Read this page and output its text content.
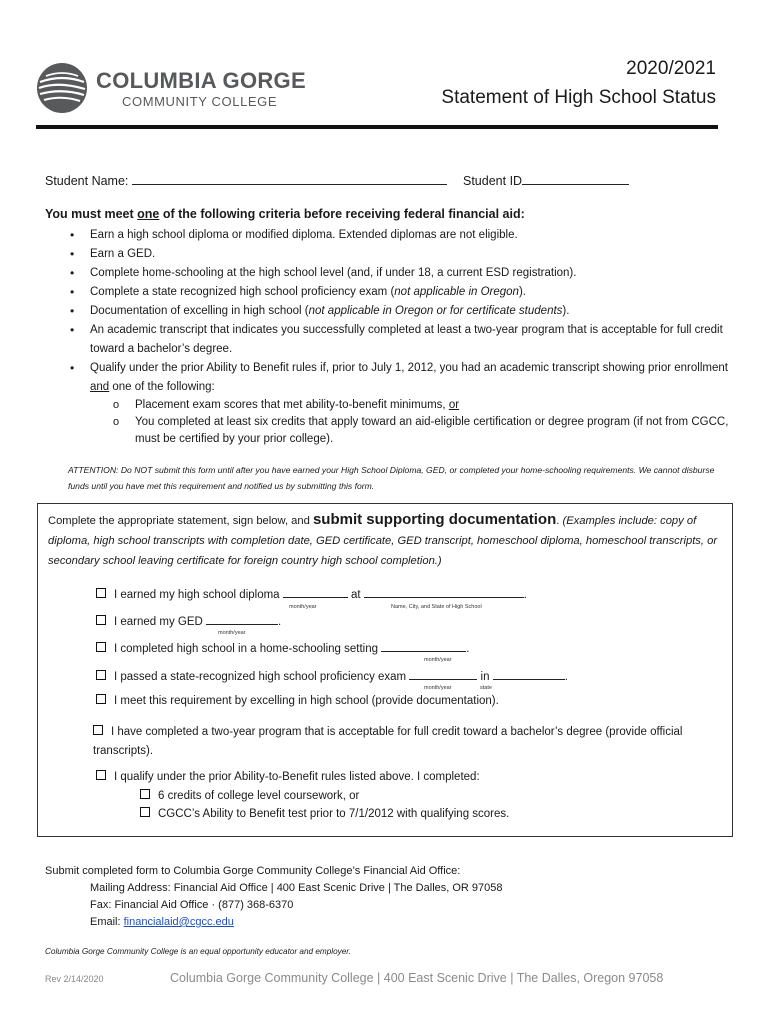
COLUMBIA GORGE
COMMUNITY COLLEGE
2020/2021
Statement of High School Status
Student Name:	Student ID
You must meet one of the following criteria before receiving federal financial aid:
• Earn a high school diploma or modified diploma. Extended diplomas are not eligible.
• Earn a GED.
• Complete home-schooling at the high school level (and, if under 18, a current ESD registration).
• Complete a state recognized high school proficiency exam (not applicable in Oregon).
• Documentation of excelling in high school (not applicable in Oregon or for certificate students).
• An academic transcript that indicates you successfully completed at least a two-year program that is acceptable for full credit toward a bachelor’s degree.
• Qualify under the prior Ability to Benefit rules if, prior to July 1, 2012, you had an academic transcript showing prior enrollment and one of the following:
o Placement exam scores that met ability-to-benefit minimums, or
o You completed at least six credits that apply toward an aid-eligible certification or degree program (if not from CGCC, must be certified by your prior college).
ATTENTION: Do NOT submit this form until after you have earned your High School Diploma, GED, or completed your home-schooling requirements. We cannot disburse funds until you have met this requirement and notified us by submitting this form.
Complete the appropriate statement, sign below, and submit supporting documentation. (Examples include: copy of diploma, high school transcripts with completion date, GED certificate, GED transcript, homeschool diploma, homeschool transcripts, or secondary school leaving certificate for foreign country high school completion.)
I earned my high school diploma	at	.
month/year	Name, City, and State of High School
I earned my GED	.
month/year
I completed high school in a home-schooling setting	.
month/year
I passed a state-recognized high school proficiency exam	in	.
month/year	state
I meet this requirement by excelling in high school (provide documentation).
I have completed a two-year program that is acceptable for full credit toward a bachelor’s degree (provide official transcripts).
I qualify under the prior Ability-to-Benefit rules listed above. I completed:
6 credits of college level coursework, or
CGCC’s Ability to Benefit test prior to 7/1/2012 with qualifying scores.
Submit completed form to Columbia Gorge Community College’s Financial Aid Office:
Mailing Address: Financial Aid Office | 400 East Scenic Drive | The Dalles, OR 97058
Fax: Financial Aid Office · (877) 368-6370
Email: financialaid@cgcc.edu
Columbia Gorge Community College is an equal opportunity educator and employer.
Rev 2/14/2020	Columbia Gorge Community College | 400 East Scenic Drive | The Dalles, Oregon 97058
